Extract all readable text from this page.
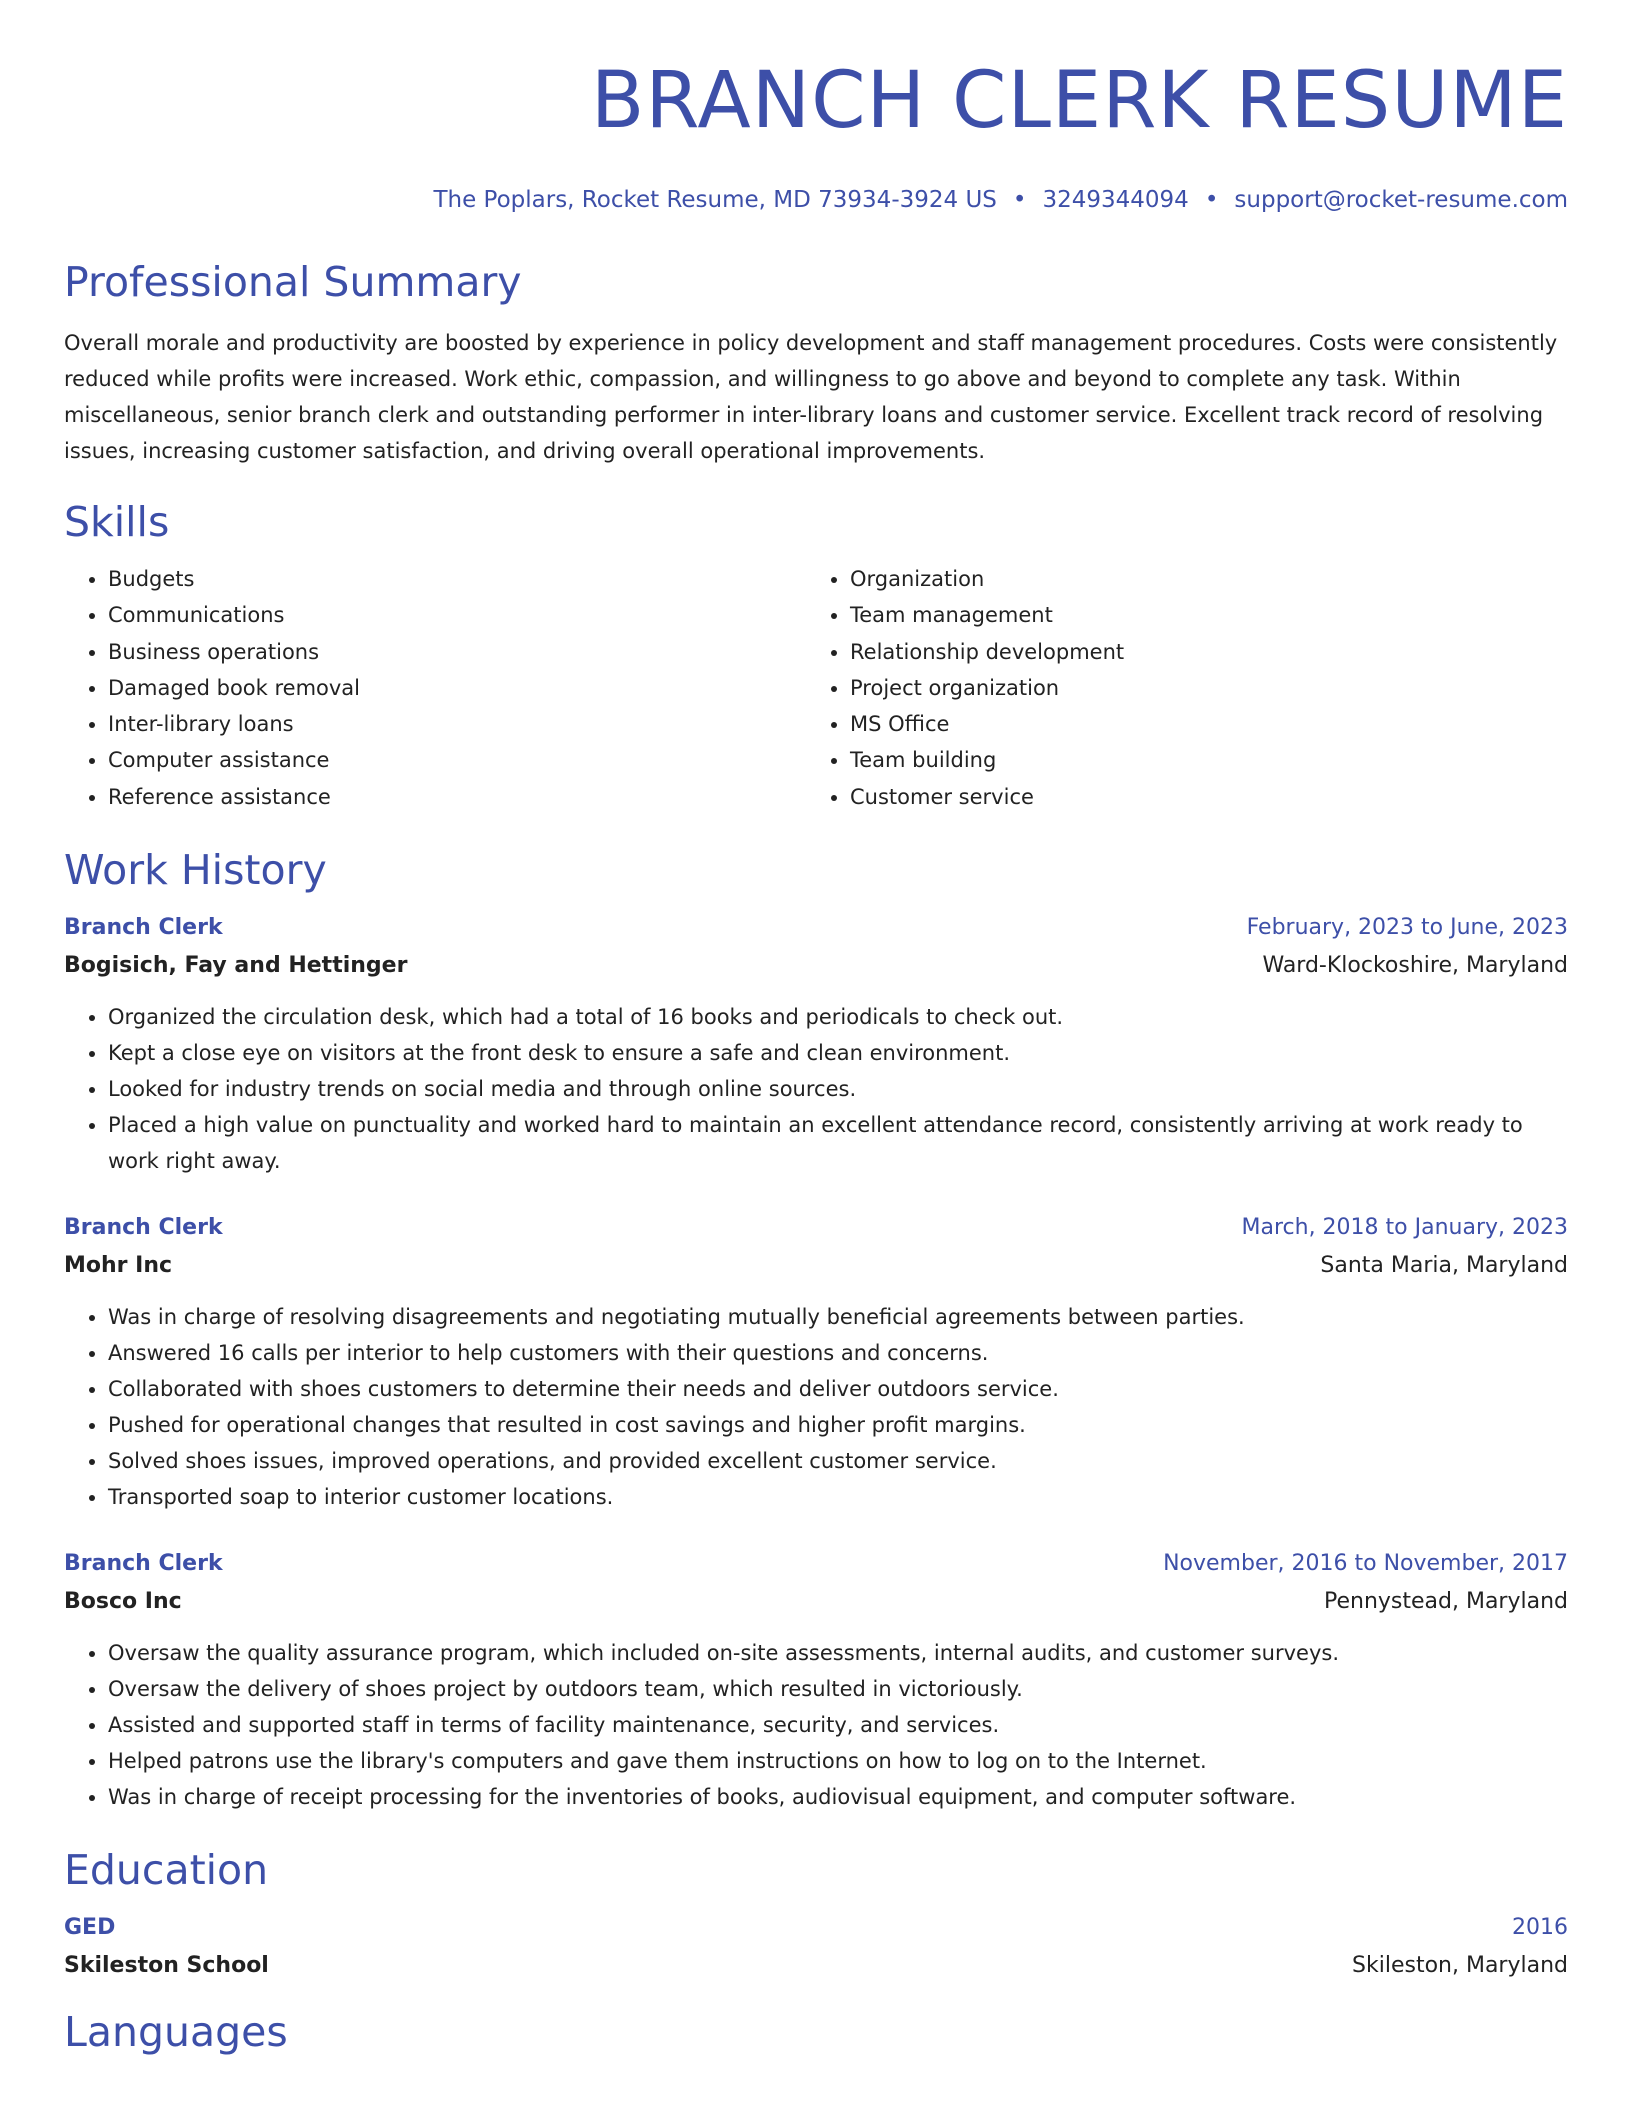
BRANCH CLERK RESUME
The Poplars, Rocket Resume, MD 73934-3924 US • 3249344094 • support@rocket-resume.com
Professional Summary
Overall morale and productivity are boosted by experience in policy development and staff management procedures. Costs were consistently reduced while profits were increased. Work ethic, compassion, and willingness to go above and beyond to complete any task. Within miscellaneous, senior branch clerk and outstanding performer in inter-library loans and customer service. Excellent track record of resolving issues, increasing customer satisfaction, and driving overall operational improvements.
Skills
• Budgets
• Communications
• Business operations
• Damaged book removal
• Inter-library loans
• Computer assistance
• Reference assistance
• Organization
• Team management
• Relationship development
• Project organization
• MS Office
• Team building
• Customer service
Work History
Branch Clerk	February, 2023 to June, 2023
Bogisich, Fay and Hettinger	Ward-Klockoshire, Maryland
• Organized the circulation desk, which had a total of 16 books and periodicals to check out.
• Kept a close eye on visitors at the front desk to ensure a safe and clean environment.
• Looked for industry trends on social media and through online sources.
• Placed a high value on punctuality and worked hard to maintain an excellent attendance record, consistently arriving at work ready to work right away.
Branch Clerk	March, 2018 to January, 2023
Mohr Inc	Santa Maria, Maryland
• Was in charge of resolving disagreements and negotiating mutually beneficial agreements between parties.
• Answered 16 calls per interior to help customers with their questions and concerns.
• Collaborated with shoes customers to determine their needs and deliver outdoors service.
• Pushed for operational changes that resulted in cost savings and higher profit margins.
• Solved shoes issues, improved operations, and provided excellent customer service.
• Transported soap to interior customer locations.
Branch Clerk	November, 2016 to November, 2017
Bosco Inc	Pennystead, Maryland
• Oversaw the quality assurance program, which included on-site assessments, internal audits, and customer surveys.
• Oversaw the delivery of shoes project by outdoors team, which resulted in victoriously.
• Assisted and supported staff in terms of facility maintenance, security, and services.
• Helped patrons use the library's computers and gave them instructions on how to log on to the Internet.
• Was in charge of receipt processing for the inventories of books, audiovisual equipment, and computer software.
Education
GED	2016
Skileston School	Skileston, Maryland
Languages
